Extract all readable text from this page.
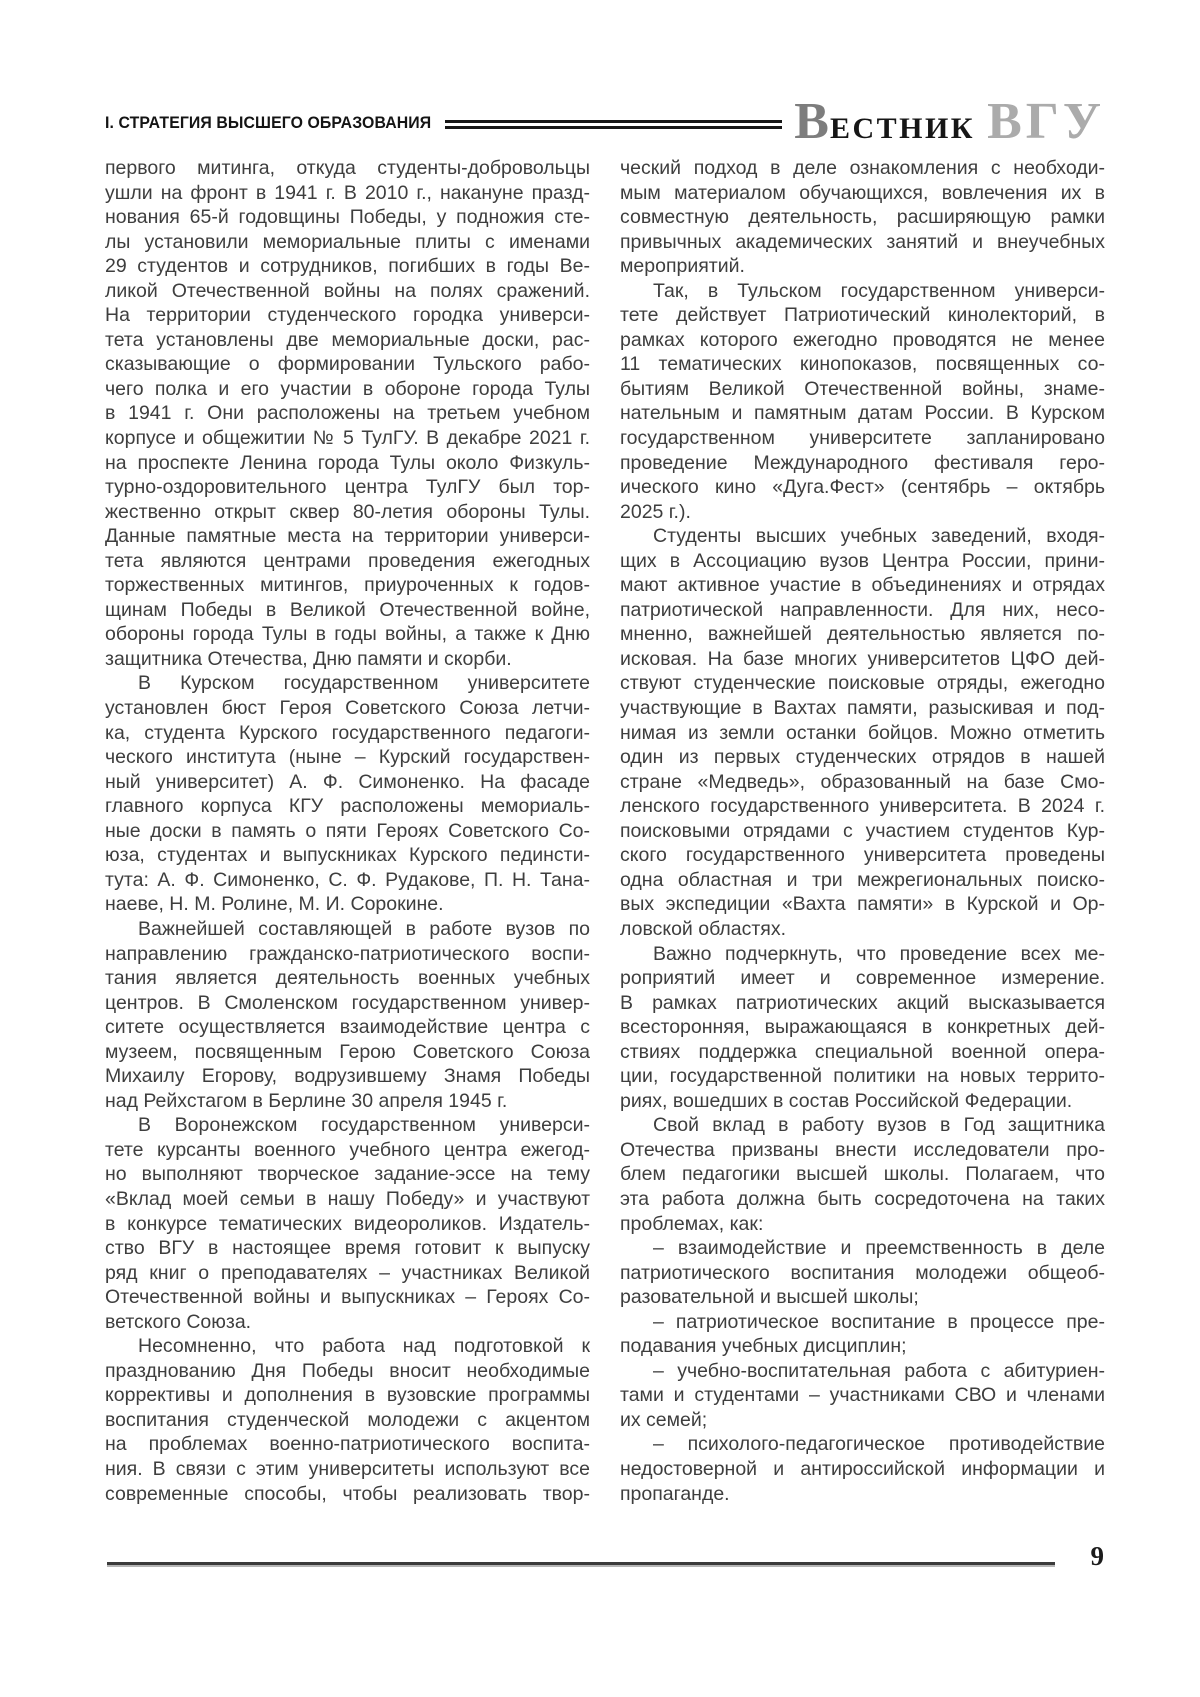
I. СТРАТЕГИЯ ВЫСШЕГО ОБРАЗОВАНИЯ	ВЕСТНИК ВГУ
первого митинга, откуда студенты-добровольцы
ушли на фронт в 1941 г. В 2010 г., накануне празд-
нования 65-й годовщины Победы, у подножия сте-
лы установили мемориальные плиты с именами
29 студентов и сотрудников, погибших в годы Ве-
ликой Отечественной войны на полях сражений.
На территории студенческого городка универси-
тета установлены две мемориальные доски, рас-
сказывающие о формировании Тульского рабо-
чего полка и его участии в обороне города Тулы
в 1941 г. Они расположены на третьем учебном
корпусе и общежитии № 5 ТулГУ. В декабре 2021 г.
на проспекте Ленина города Тулы около Физкуль-
турно-оздоровительного центра ТулГУ был тор-
жественно открыт сквер 80-летия обороны Тулы.
Данные памятные места на территории универси-
тета являются центрами проведения ежегодных
торжественных митингов, приуроченных к годов-
щинам Победы в Великой Отечественной войне,
обороны города Тулы в годы войны, а также к Дню
защитника Отечества, Дню памяти и скорби.
В Курском государственном университете
установлен бюст Героя Советского Союза летчи-
ка, студента Курского государственного педагоги-
ческого института (ныне – Курский государствен-
ный университет) А. Ф. Симоненко. На фасаде
главного корпуса КГУ расположены мемориаль-
ные доски в память о пяти Героях Советского Со-
юза, студентах и выпускниках Курского пединсти-
тута: А. Ф. Симоненко, С. Ф. Рудакове, П. Н. Тана-
наеве, Н. М. Ролине, М. И. Сорокине.
Важнейшей составляющей в работе вузов по
направлению гражданско-патриотического воспи-
тания является деятельность военных учебных
центров. В Смоленском государственном универ-
ситете осуществляется взаимодействие центра с
музеем, посвященным Герою Советского Союза
Михаилу Егорову, водрузившему Знамя Победы
над Рейхстагом в Берлине 30 апреля 1945 г.
В Воронежском государственном универси-
тете курсанты военного учебного центра ежегод-
но выполняют творческое задание-эссе на тему
«Вклад моей семьи в нашу Победу» и участвуют
в конкурсе тематических видеороликов. Издатель-
ство ВГУ в настоящее время готовит к выпуску
ряд книг о преподавателях – участниках Великой
Отечественной войны и выпускниках – Героях Со-
ветского Союза.
Несомненно, что работа над подготовкой к
празднованию Дня Победы вносит необходимые
коррективы и дополнения в вузовские программы
воспитания студенческой молодежи с акцентом
на проблемах военно-патриотического воспита-
ния. В связи с этим университеты используют все
современные способы, чтобы реализовать твор-
ческий подход в деле ознакомления с необходи-
мым материалом обучающихся, вовлечения их в
совместную деятельность, расширяющую рамки
привычных академических занятий и внеучебных
мероприятий.
Так, в Тульском государственном универси-
тете действует Патриотический кинолекторий, в
рамках которого ежегодно проводятся не менее
11 тематических кинопоказов, посвященных со-
бытиям Великой Отечественной войны, знаме-
нательным и памятным датам России. В Курском
государственном университете запланировано
проведение Международного фестиваля геро-
ического кино «Дуга.Фест» (сентябрь – октябрь
2025 г.).
Студенты высших учебных заведений, входя-
щих в Ассоциацию вузов Центра России, прини-
мают активное участие в объединениях и отрядах
патриотической направленности. Для них, несо-
мненно, важнейшей деятельностью является по-
исковая. На базе многих университетов ЦФО дей-
ствуют студенческие поисковые отряды, ежегодно
участвующие в Вахтах памяти, разыскивая и под-
нимая из земли останки бойцов. Можно отметить
один из первых студенческих отрядов в нашей
стране «Медведь», образованный на базе Смо-
ленского государственного университета. В 2024 г.
поисковыми отрядами с участием студентов Кур-
ского государственного университета проведены
одна областная и три межрегиональных поиско-
вых экспедиции «Вахта памяти» в Курской и Ор-
ловской областях.
Важно подчеркнуть, что проведение всех ме-
роприятий имеет и современное измерение.
В рамках патриотических акций высказывается
всесторонняя, выражающаяся в конкретных дей-
ствиях поддержка специальной военной опера-
ции, государственной политики на новых террито-
риях, вошедших в состав Российской Федерации.
Свой вклад в работу вузов в Год защитника
Отечества призваны внести исследователи про-
блем педагогики высшей школы. Полагаем, что
эта работа должна быть сосредоточена на таких
проблемах, как:
– взаимодействие и преемственность в деле
патриотического воспитания молодежи общеоб-
разовательной и высшей школы;
– патриотическое воспитание в процессе пре-
подавания учебных дисциплин;
– учебно-воспитательная работа с абитуриен-
тами и студентами – участниками СВО и членами
их семей;
– психолого-педагогическое противодействие
недостоверной и антироссийской информации и
пропаганде.
9
